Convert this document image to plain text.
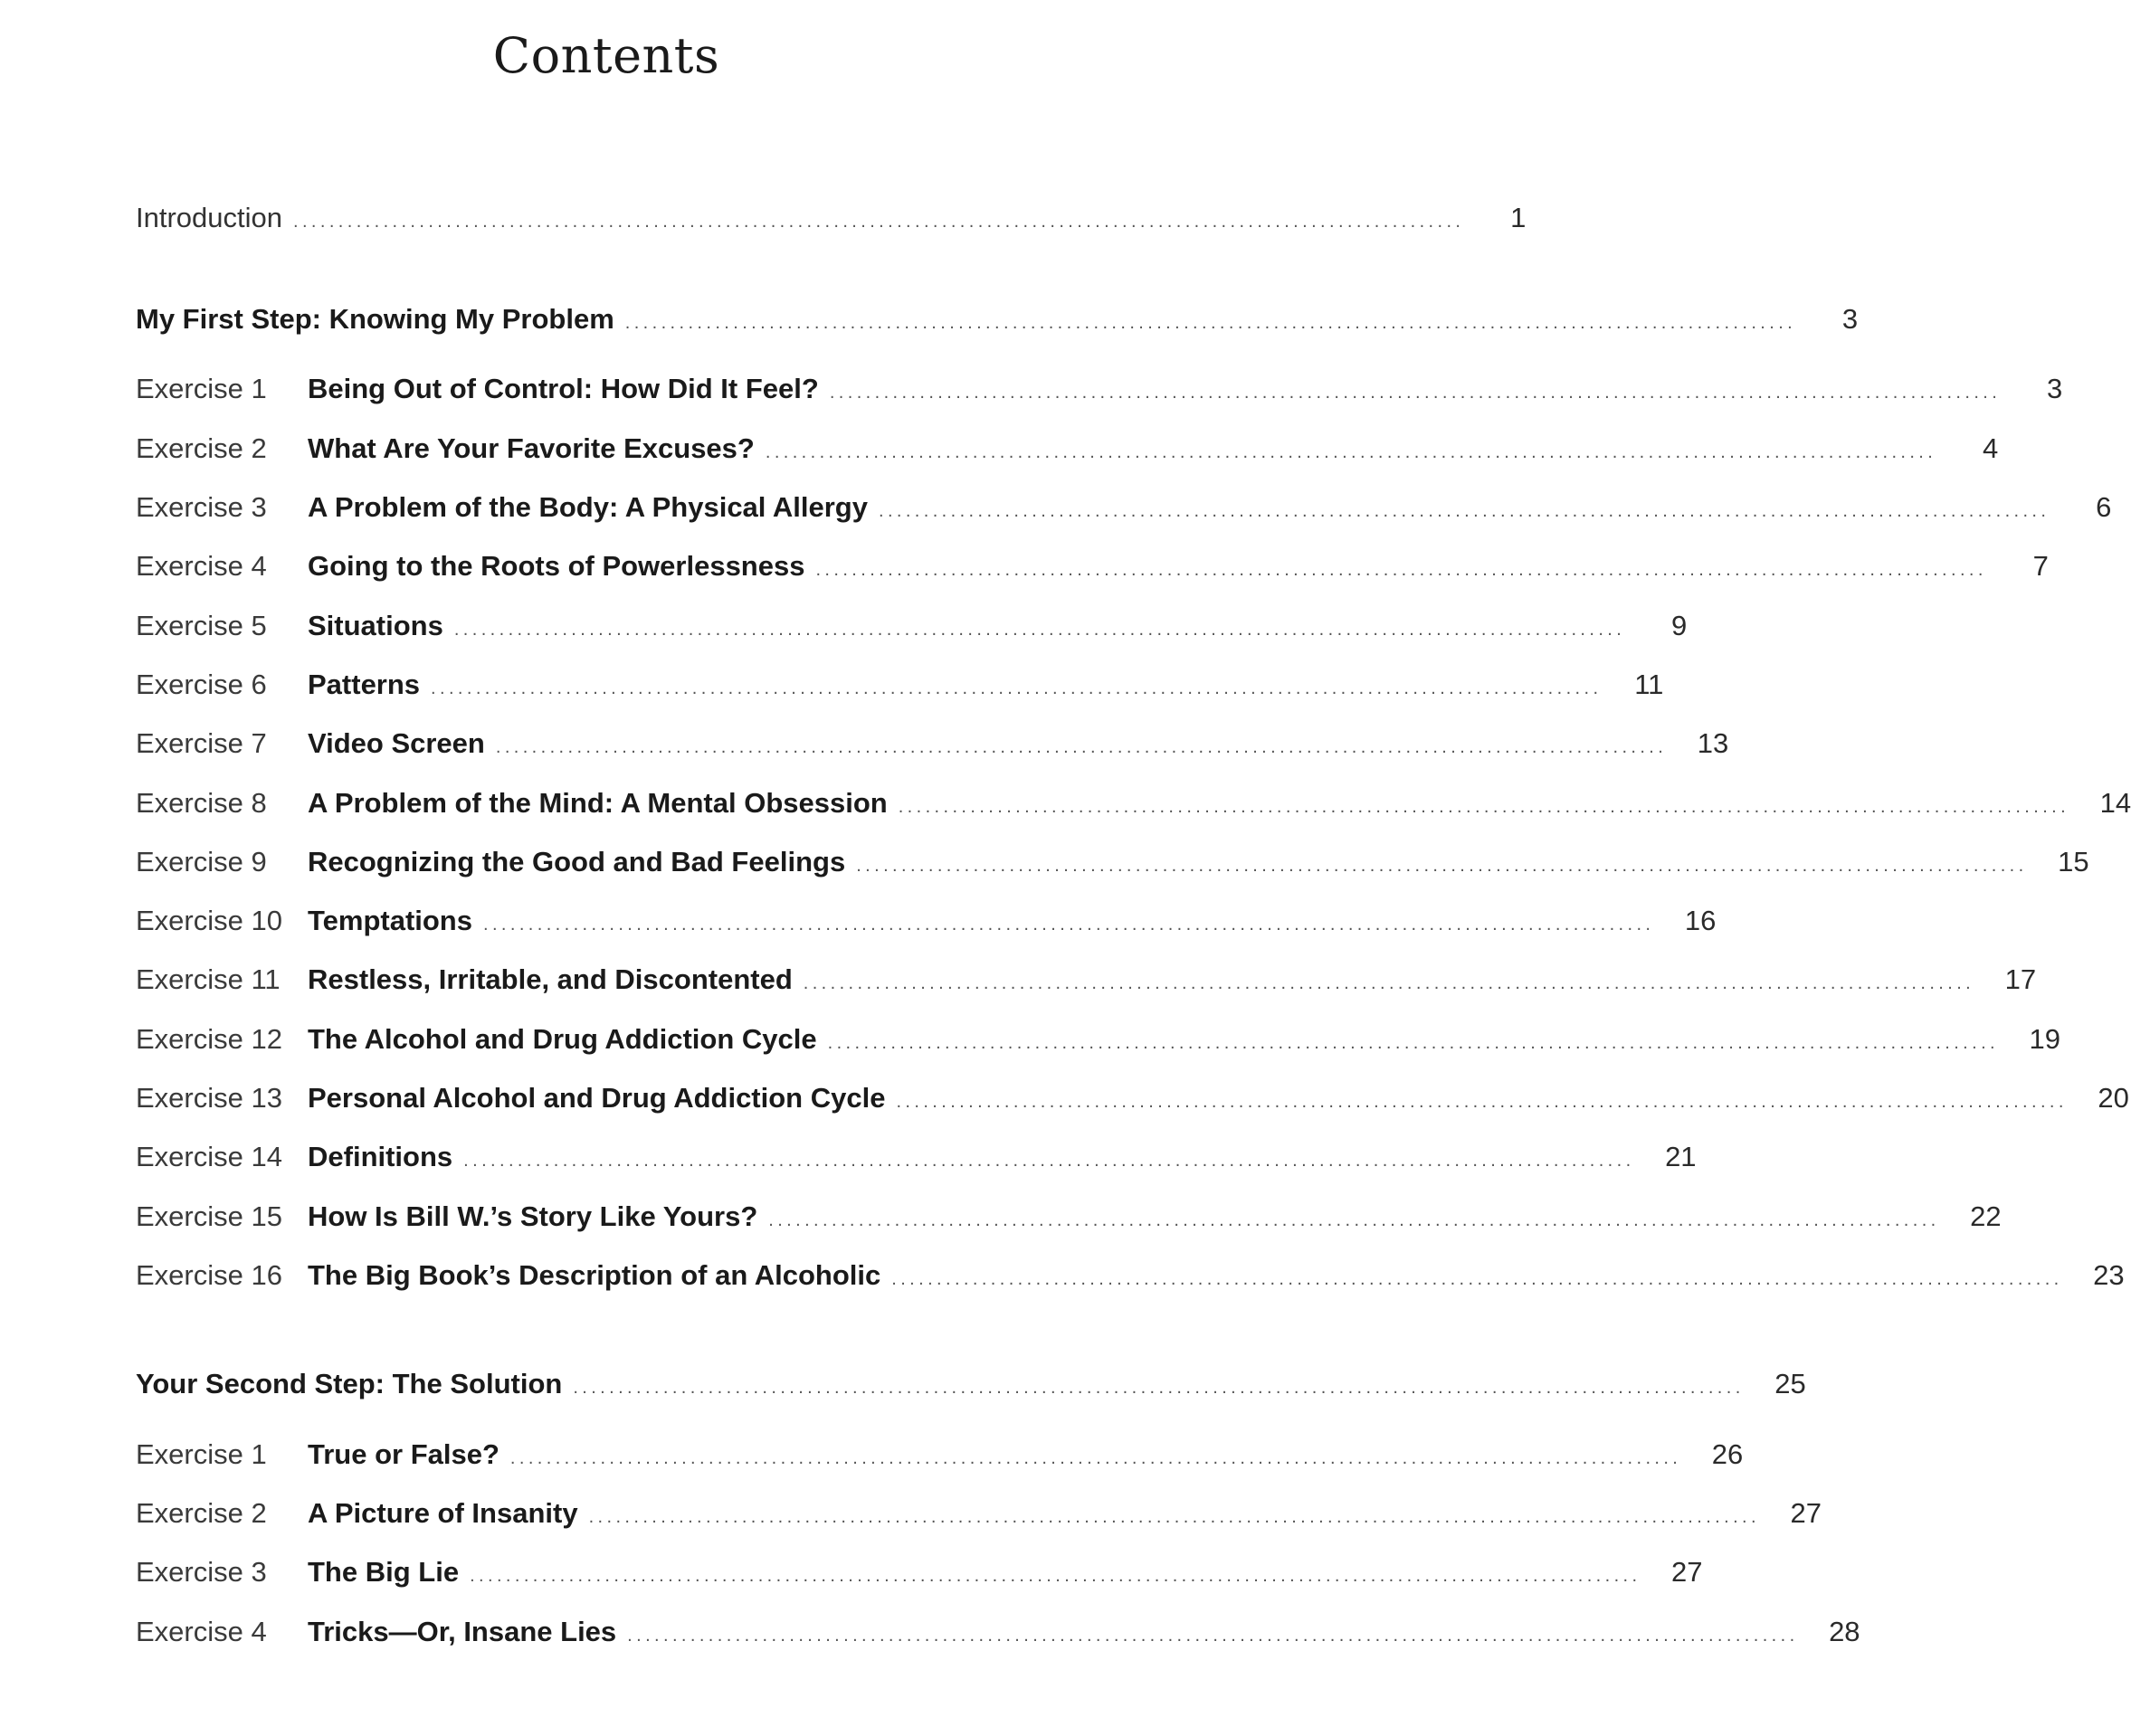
Contents
Introduction ..................................................................................................................................	1
My First Step: Knowing My Problem ..................................................................................................................................	3
Exercise 1	Being Out of Control: How Did It Feel? ..................................................................................................................................	3
Exercise 2	What Are Your Favorite Excuses? ..................................................................................................................................	4
Exercise 3	A Problem of the Body: A Physical Allergy ..................................................................................................................................	6
Exercise 4	Going to the Roots of Powerlessness ..................................................................................................................................	7
Exercise 5	Situations ..................................................................................................................................	9
Exercise 6	Patterns ..................................................................................................................................	11
Exercise 7	Video Screen ..................................................................................................................................	13
Exercise 8	A Problem of the Mind: A Mental Obsession ..................................................................................................................................	14
Exercise 9	Recognizing the Good and Bad Feelings ..................................................................................................................................	15
Exercise 10 Temptations ..................................................................................................................................	16
Exercise 11 Restless, Irritable, and Discontented ..................................................................................................................................	17
Exercise 12 The Alcohol and Drug Addiction Cycle ..................................................................................................................................	19
Exercise 13 Personal Alcohol and Drug Addiction Cycle ..................................................................................................................................	20
Exercise 14 Definitions ..................................................................................................................................	21
Exercise 15 How Is Bill W.’s Story Like Yours? ..................................................................................................................................	22
Exercise 16 The Big Book’s Description of an Alcoholic ..................................................................................................................................	23
Your Second Step: The Solution ..................................................................................................................................	25
Exercise 1	True or False? ..................................................................................................................................	26
Exercise 2	A Picture of Insanity ..................................................................................................................................	27
Exercise 3	The Big Lie ..................................................................................................................................	27
Exercise 4	Tricks—Or, Insane Lies ..................................................................................................................................	28
